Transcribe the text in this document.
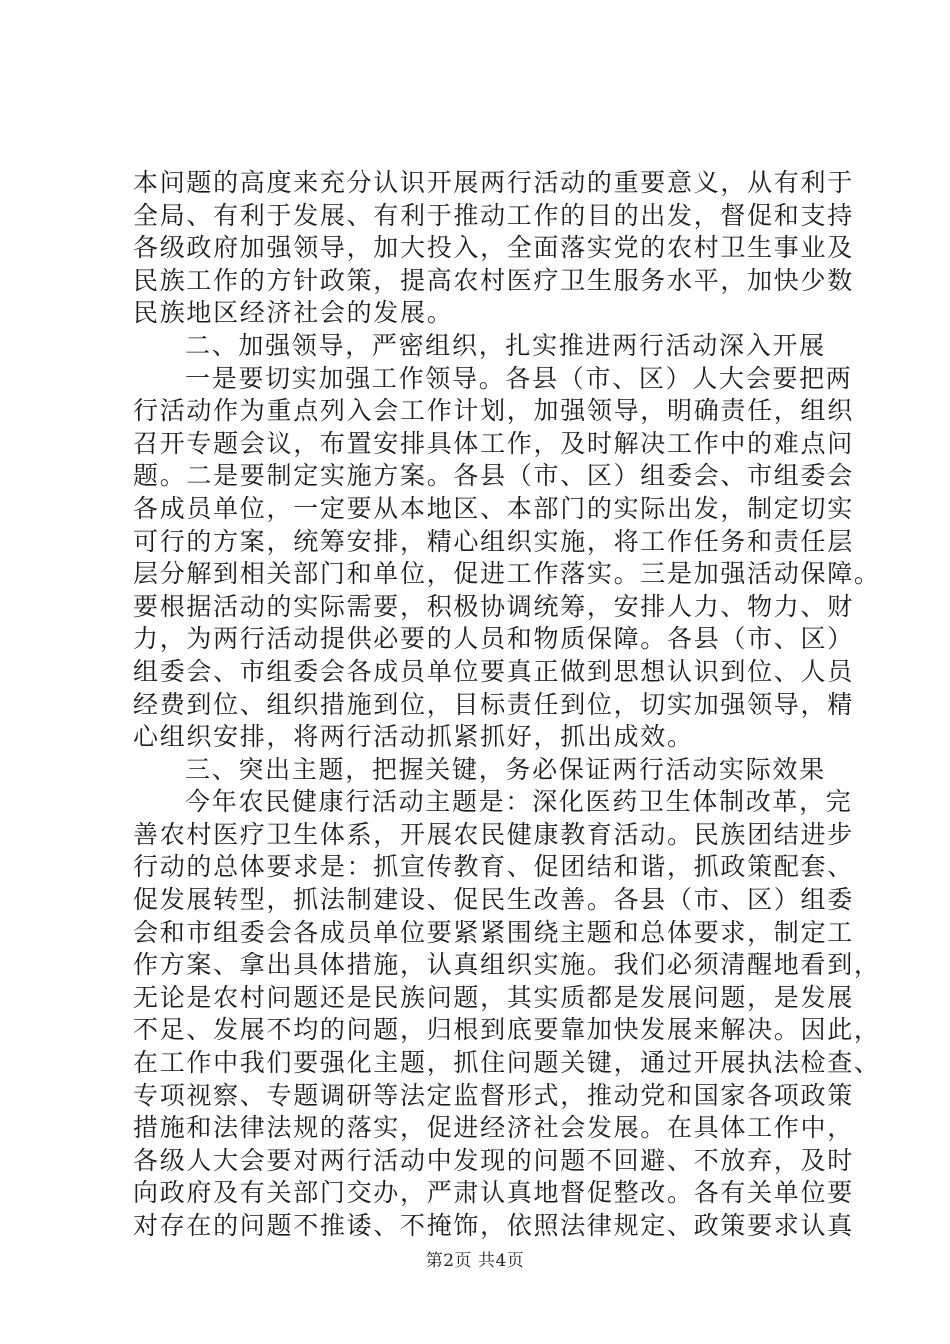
本问题的高度来充分认识开展两行活动的重要意义，从有利于
全局、有利于发展、有利于推动工作的目的出发，督促和支持
各级政府加强领导，加大投入，全面落实党的农村卫生事业及
民族工作的方针政策，提高农村医疗卫生服务水平，加快少数
民族地区经济社会的发展。
二、加强领导，严密组织，扎实推进两行活动深入开展
一是要切实加强工作领导。各县（市、区）人大会要把两
行活动作为重点列入会工作计划，加强领导，明确责任，组织
召开专题会议，布置安排具体工作，及时解决工作中的难点问
题。二是要制定实施方案。各县（市、区）组委会、市组委会
各成员单位，一定要从本地区、本部门的实际出发，制定切实
可行的方案，统筹安排，精心组织实施，将工作任务和责任层
层分解到相关部门和单位，促进工作落实。三是加强活动保障。
要根据活动的实际需要，积极协调统筹，安排人力、物力、财
力，为两行活动提供必要的人员和物质保障。各县（市、区）
组委会、市组委会各成员单位要真正做到思想认识到位、人员
经费到位、组织措施到位，目标责任到位，切实加强领导，精
心组织安排，将两行活动抓紧抓好，抓出成效。
三、突出主题，把握关键，务必保证两行活动实际效果
今年农民健康行活动主题是：深化医药卫生体制改革，完
善农村医疗卫生体系，开展农民健康教育活动。民族团结进步
行动的总体要求是：抓宣传教育、促团结和谐，抓政策配套、
促发展转型，抓法制建设、促民生改善。各县（市、区）组委
会和市组委会各成员单位要紧紧围绕主题和总体要求，制定工
作方案、拿出具体措施，认真组织实施。我们必须清醒地看到，
无论是农村问题还是民族问题，其实质都是发展问题，是发展
不足、发展不均的问题，归根到底要靠加快发展来解决。因此，
在工作中我们要强化主题，抓住问题关键，通过开展执法检查、
专项视察、专题调研等法定监督形式，推动党和国家各项政策
措施和法律法规的落实，促进经济社会发展。在具体工作中，
各级人大会要对两行活动中发现的问题不回避、不放弃，及时
向政府及有关部门交办，严肃认真地督促整改。各有关单位要
对存在的问题不推诿、不掩饰，依照法律规定、政策要求认真
第2页 共4页
